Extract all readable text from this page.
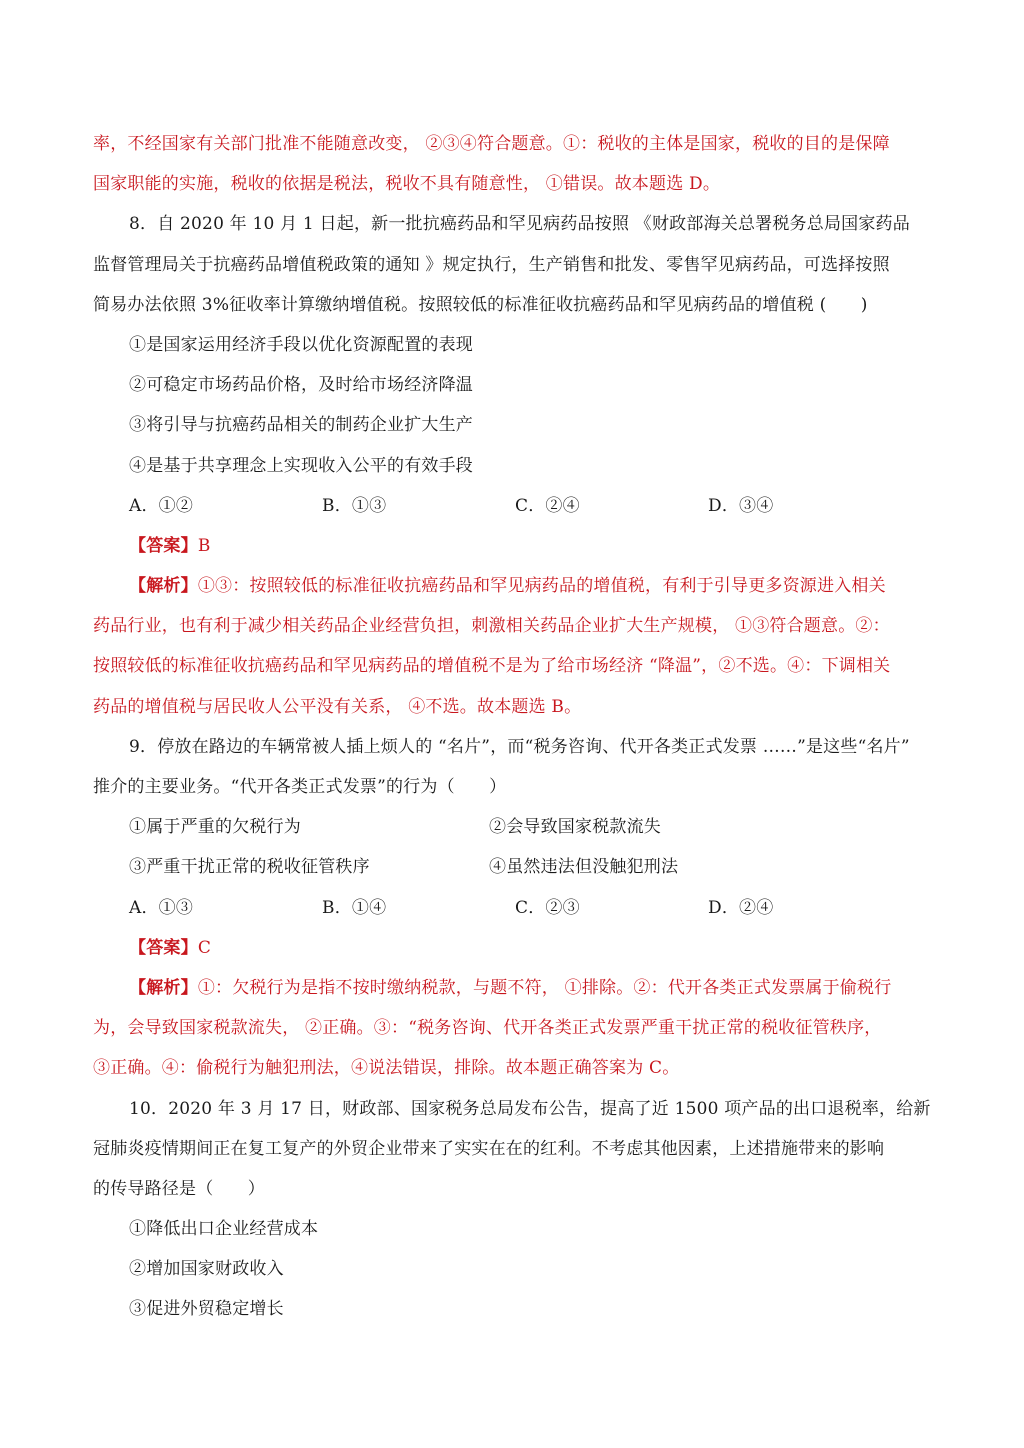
率，不经国家有关部门批准不能随意改变， ②③④符合题意。①：税收的主体是国家，税收的目的是保障
国家职能的实施，税收的依据是税法，税收不具有随意性， ①错误。故本题选 D。
8．自 2020 年 10 月 1 日起，新一批抗癌药品和罕见病药品按照 《财政部海关总署税务总局国家药品
监督管理局关于抗癌药品增值税政策的通知 》规定执行，生产销售和批发、零售罕见病药品，可选择按照
简易办法依照 3%征收率计算缴纳增值税。按照较低的标准征收抗癌药品和罕见病药品的增值税 (　　)
①是国家运用经济手段以优化资源配置的表现
②可稳定市场药品价格，及时给市场经济降温
③将引导与抗癌药品相关的制药企业扩大生产
④是基于共享理念上实现收入公平的有效手段
A．①②	B．①③	C．②④	D．③④
【答案】B
【解析】①③：按照较低的标准征收抗癌药品和罕见病药品的增值税，有利于引导更多资源进入相关
药品行业，也有利于减少相关药品企业经营负担，刺激相关药品企业扩大生产规模， ①③符合题意。②：
按照较低的标准征收抗癌药品和罕见病药品的增值税不是为了给市场经济 “降温”，②不选。④：下调相关
药品的增值税与居民收人公平没有关系， ④不选。故本题选 B。
9．停放在路边的车辆常被人插上烦人的 “名片”，而“税务咨询、代开各类正式发票 ……”是这些“名片”
推介的主要业务。“代开各类正式发票”的行为（　　）
①属于严重的欠税行为	②会导致国家税款流失
③严重干扰正常的税收征管秩序	④虽然违法但没触犯刑法
A．①③	B．①④	C．②③	D．②④
【答案】C
【解析】①：欠税行为是指不按时缴纳税款，与题不符， ①排除。②：代开各类正式发票属于偷税行
为，会导致国家税款流失， ②正确。③：“税务咨询、代开各类正式发票严重干扰正常的税收征管秩序，
③正确。④：偷税行为触犯刑法，④说法错误，排除。故本题正确答案为 C。
10．2020 年 3 月 17 日，财政部、国家税务总局发布公告，提高了近 1500 项产品的出口退税率，给新
冠肺炎疫情期间正在复工复产的外贸企业带来了实实在在的红利。不考虑其他因素，上述措施带来的影响
的传导路径是（　　）
①降低出口企业经营成本
②增加国家财政收入
③促进外贸稳定增长
